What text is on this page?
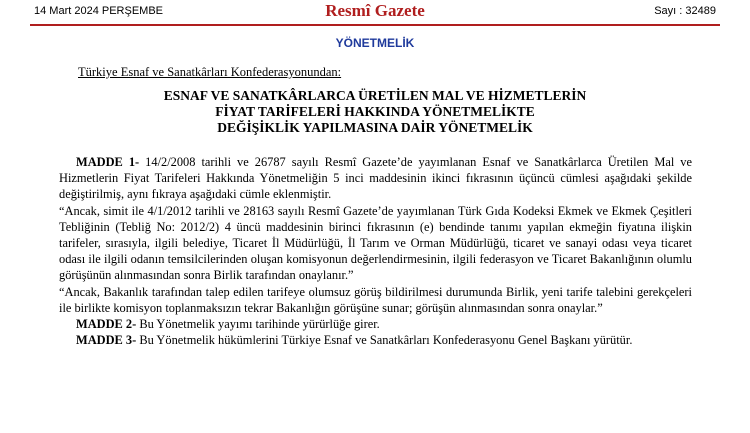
14 Mart 2024 PERŞEMBE	Resmî Gazete	Sayı : 32489
YÖNETMELİK
Türkiye Esnaf ve Sanatkârları Konfederasyonundan:
ESNAF VE SANATKÂRLARCA ÜRETİLEN MAL VE HİZMETLERİN
FİYAT TARİFELERİ HAKKINDA YÖNETMELİKTE
DEĞİŞİKLİK YAPILMASINA DAİR YÖNETMELİK

MADDE 1- 14/2/2008 tarihli ve 26787 sayılı Resmî Gazete’de yayımlanan Esnaf ve Sanatkârlarca Üretilen Mal ve Hizmetlerin Fiyat Tarifeleri Hakkında Yönetmeliğin 5 inci maddesinin ikinci fıkrasının üçüncü cümlesi aşağıdaki şekilde değiştirilmiş, aynı fıkraya aşağıdaki cümle eklenmiştir.

“Ancak, simit ile 4/1/2012 tarihli ve 28163 sayılı Resmî Gazete’de yayımlanan Türk Gıda Kodeksi Ekmek ve Ekmek Çeşitleri Tebliğinin (Tebliğ No: 2012/2) 4 üncü maddesinin birinci fıkrasının (e) bendinde tanımı yapılan ekmeğin fiyatına ilişkin tarifeler, sırasıyla, ilgili belediye, Ticaret İl Müdürlüğü, İl Tarım ve Orman Müdürlüğü, ticaret ve sanayi odası veya ticaret odası ile ilgili odanın temsilcilerinden oluşan komisyonun değerlendirmesinin, ilgili federasyon ve Ticaret Bakanlığının olumlu görüşünün alınmasından sonra Birlik tarafından onaylanır.”

“Ancak, Bakanlık tarafından talep edilen tarifeye olumsuz görüş bildirilmesi durumunda Birlik, yeni tarife talebini gerekçeleri ile birlikte komisyon toplanmaksızın tekrar Bakanlığın görüşüne sunar; görüşün alınmasından sonra onaylar.”

MADDE 2- Bu Yönetmelik yayımı tarihinde yürürlüğe girer.

MADDE 3- Bu Yönetmelik hükümlerini Türkiye Esnaf ve Sanatkârları Konfederasyonu Genel Başkanı yürütür.
